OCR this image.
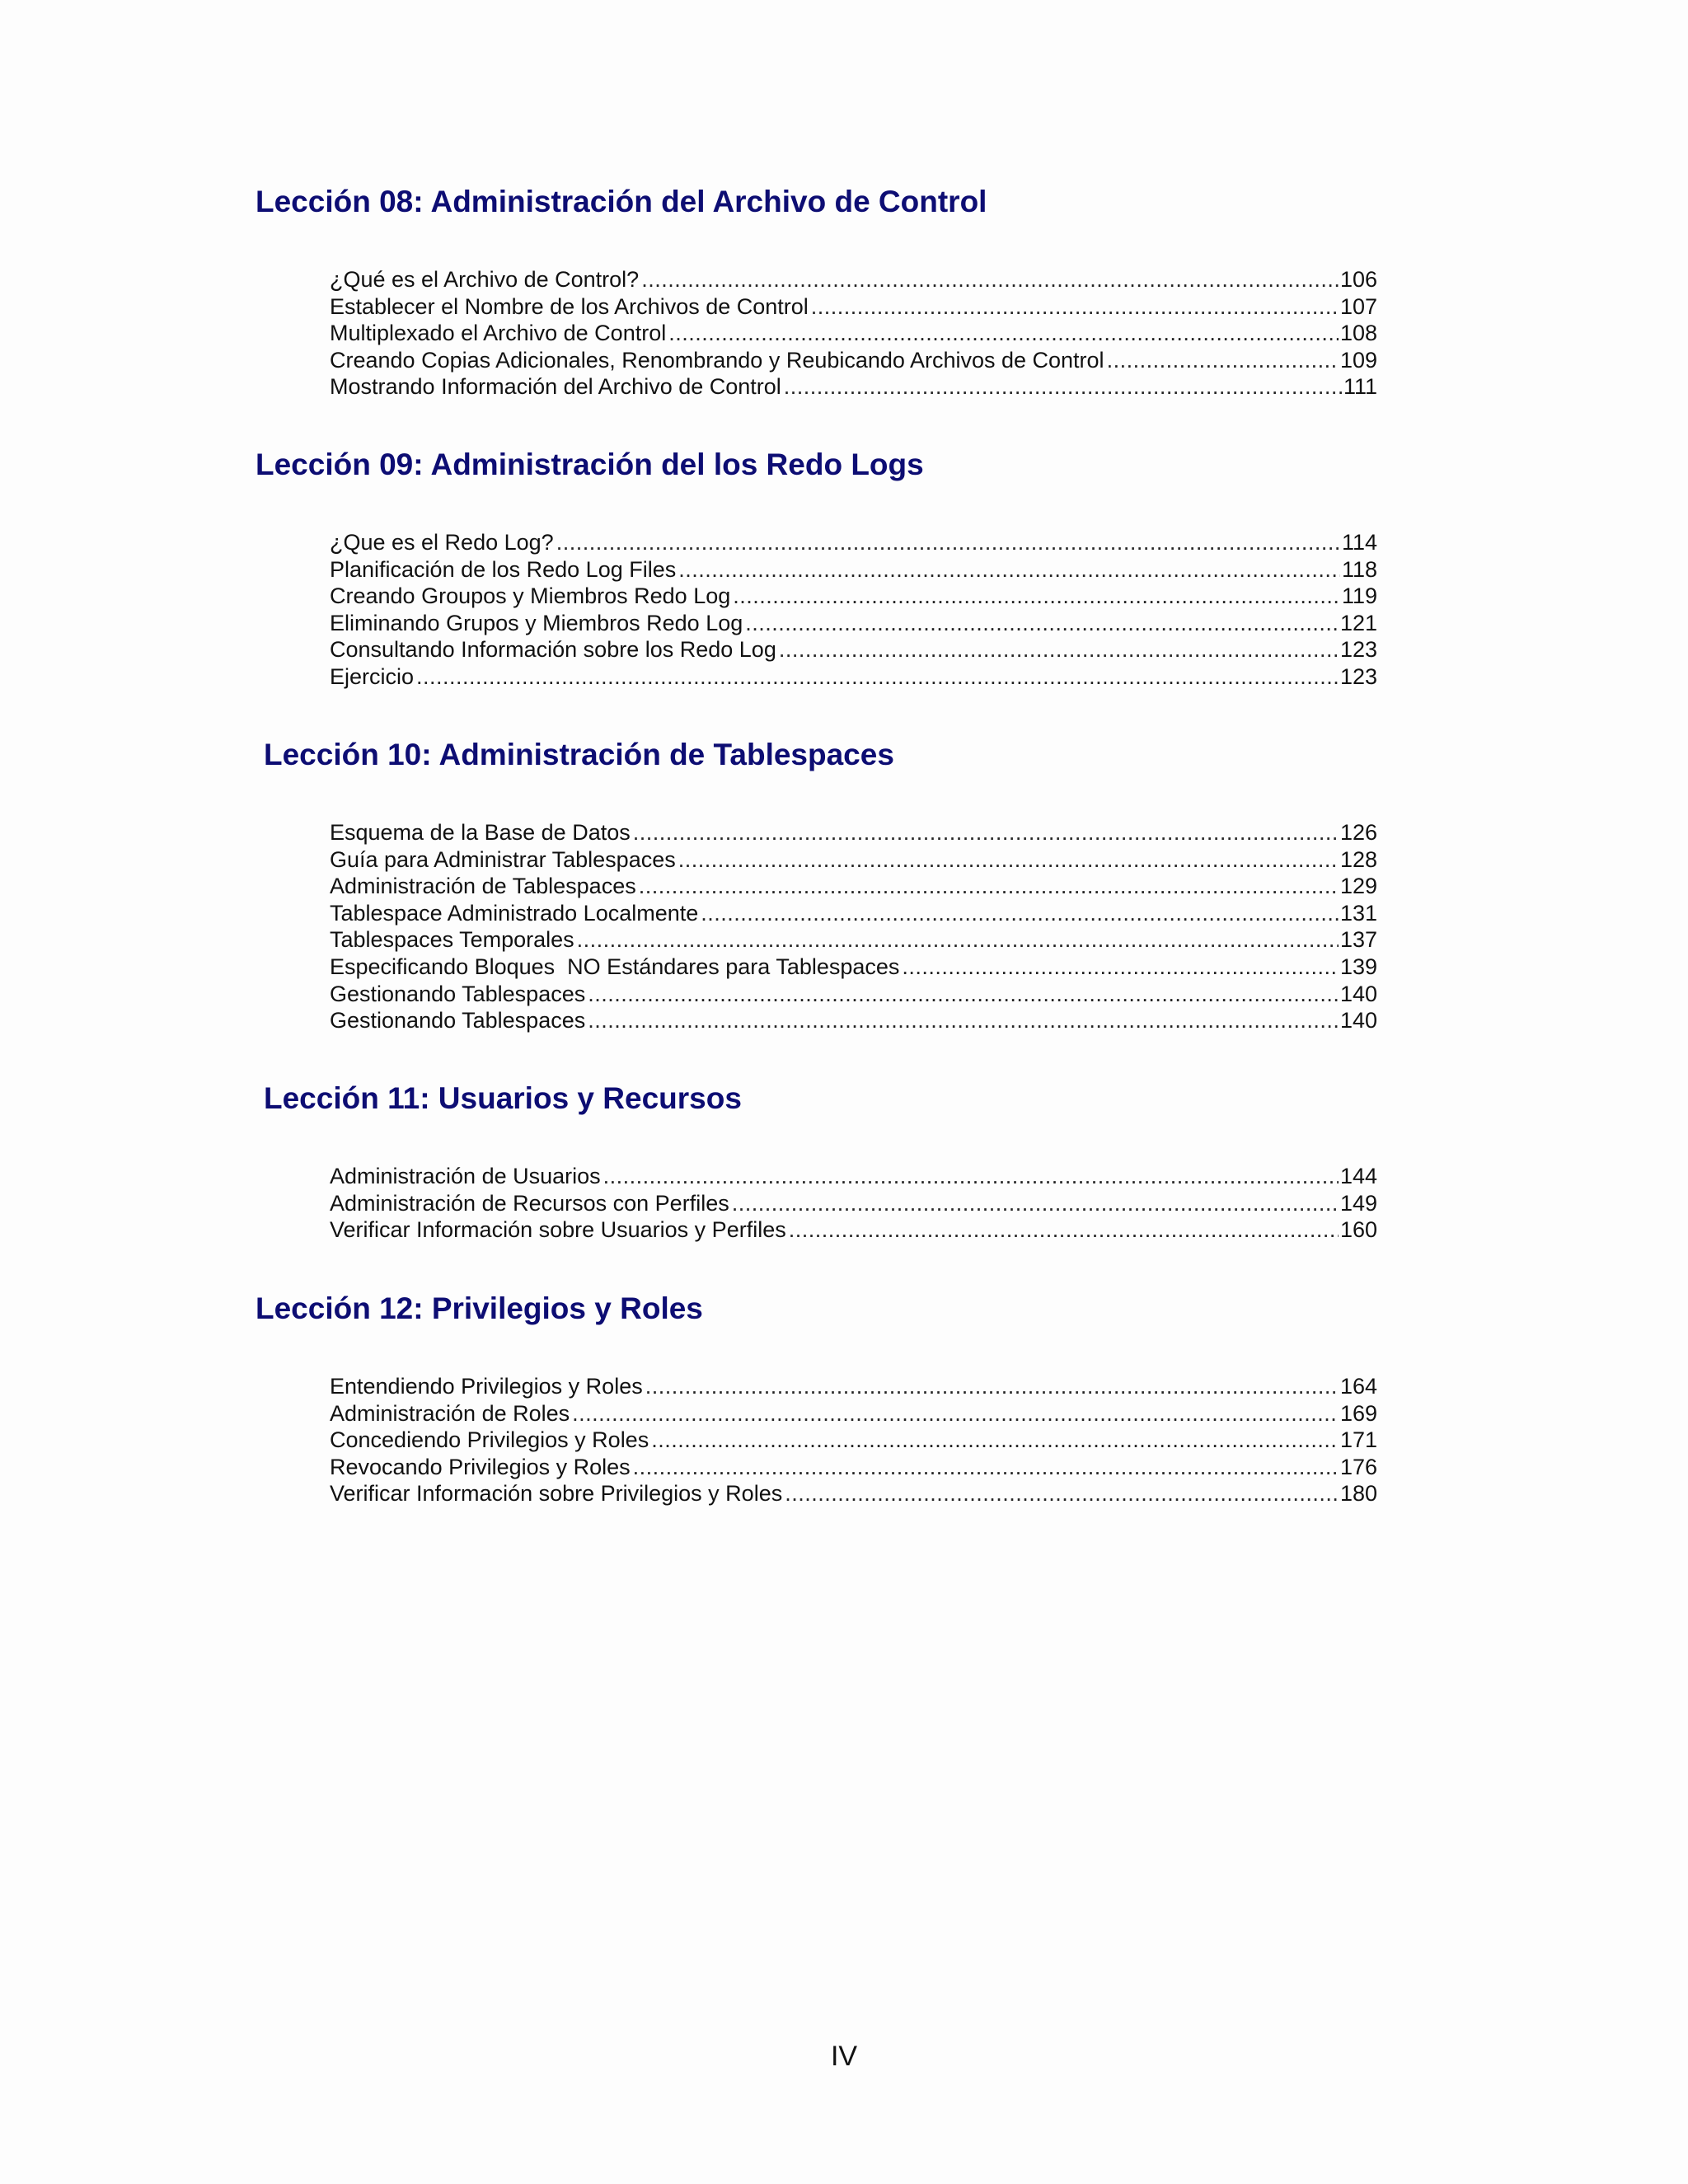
Lección 08: Administración del Archivo de Control
¿Qué es el Archivo de Control? .....	106
Establecer el Nombre de los Archivos de Control .....	107
Multiplexado el Archivo de Control .....	108
Creando Copias Adicionales, Renombrando y Reubicando Archivos de Control .....	109
Mostrando Información del Archivo de Control .....	111
Lección 09: Administración del los Redo Logs
¿Que es el Redo Log? .....	114
Planificación de los Redo Log Files .....	118
Creando Groupos y Miembros Redo Log .....	119
Eliminando Grupos y Miembros Redo Log .....	121
Consultando Información sobre los Redo Log .....	123
Ejercicio .....	123
Lección 10: Administración de Tablespaces
Esquema de la Base de Datos .....	126
Guía para Administrar Tablespaces .....	128
Administración de Tablespaces .....	129
Tablespace Administrado Localmente .....	131
Tablespaces Temporales .....	137
Especificando Bloques  NO Estándares para Tablespaces .....	139
Gestionando Tablespaces .....	140
Gestionando Tablespaces .....	140
Lección 11: Usuarios y Recursos
Administración de Usuarios .....	144
Administración de Recursos con Perfiles .....	149
Verificar Información sobre Usuarios y Perfiles .....	160
Lección 12: Privilegios y Roles
Entendiendo Privilegios y Roles .....	164
Administración de Roles .....	169
Concediendo Privilegios y Roles .....	171
Revocando Privilegios y Roles .....	176
Verificar Información sobre Privilegios y Roles .....	180
IV
